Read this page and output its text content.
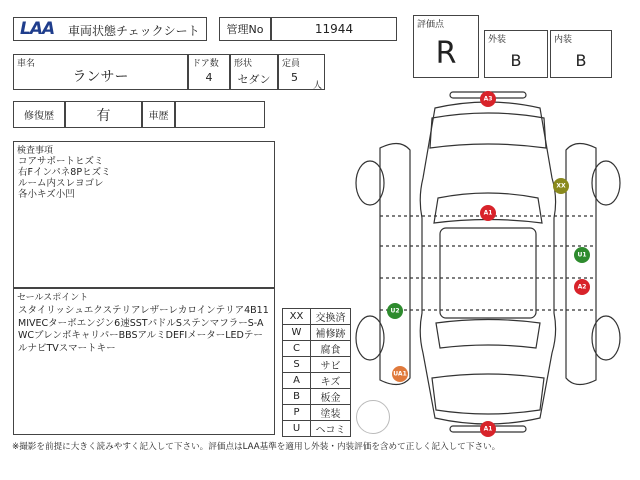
LAA 車両状態チェックシート 管理No	11944	評価点
R	外装
B
内装
B
車名
ランサー
ドア数
4
形状
セダン
定員
5
人
修復歴	有	車歴
検査事項
コアサポートヒズミ
右Fインパネ8Pヒズミ
ルーム内スレヨゴレ
各小キズ小凹
セールスポイント
スタイリッシュエクステリアレザーレカロインテリア4B11MIVECターボエンジン6速SSTパドルSステンマフラーS-AWCブレンボキャリパーBBSアルミDEFIメーターLEDテールナビTVスマートキー
XX	交換済
W	補修跡
C	腐食
S	サビ
A	キズ
B	板金
P	塗装
U	ヘコミ
A3
XX
A1
U1
A2
U2
UA1
A1
※撮影を前提に大きく読みやすく記入して下さい。評価点はLAA基準を適用し外装・内装評価を含めて正しく記入して下さい。
